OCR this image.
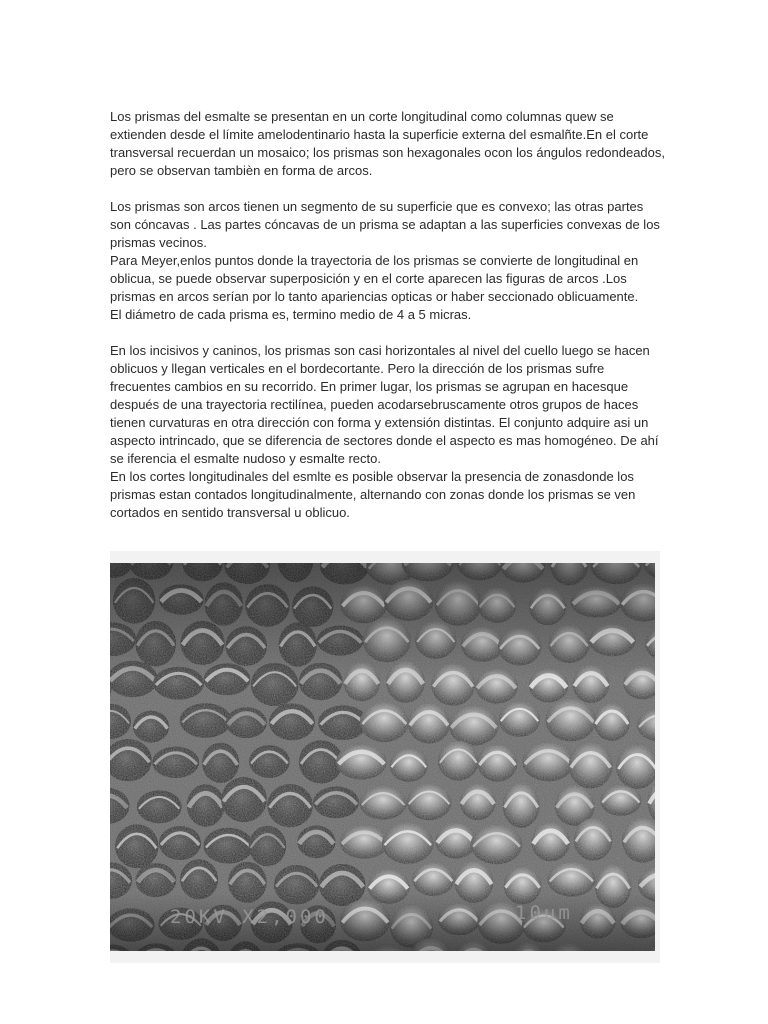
Los prismas del esmalte se presentan en un corte longitudinal como columnas quew se extienden desde el límite amelodentinario hasta la superficie externa del esmalñte.En el corte transversal recuerdan un mosaico; los prismas son hexagonales ocon los ángulos redondeados, pero se observan tambièn en forma de arcos.

Los prismas son arcos tienen un segmento de su superficie que es convexo; las otras partes son cóncavas . Las partes cóncavas de un prisma se adaptan a las superficies convexas de los prismas vecinos.
Para Meyer,enlos puntos donde la trayectoria de los prismas se convierte de longitudinal en oblicua, se puede observar superposición y en el corte aparecen las figuras de arcos .Los prismas en arcos serían por lo tanto apariencias opticas or haber seccionado oblicuamente.
El diámetro de cada prisma es, termino medio de 4 a 5 micras.
En los incisivos y caninos, los prismas son casi horizontales al nivel del cuello luego se hacen oblicuos y llegan verticales en el bordecortante. Pero la dirección de los prismas sufre frecuentes cambios en su recorrido. En primer lugar, los prismas se agrupan en hacesque después de una trayectoria rectilínea, pueden acodarsebruscamente otros grupos de haces tienen curvaturas en otra dirección con forma y extensión distintas. El conjunto adquire asi un aspecto intrincado, que se diferencia de sectores donde el aspecto es mas homogéneo. De ahí se iferencia el esmalte nudoso y esmalte recto.
En los cortes longitudinales del esmlte es posible observar la presencia de zonasdonde los prismas estan contados longitudinalmente, alternando con zonas donde los prismas se ven cortados en sentido transversal u oblicuo.
20KV X2,000	10μm
